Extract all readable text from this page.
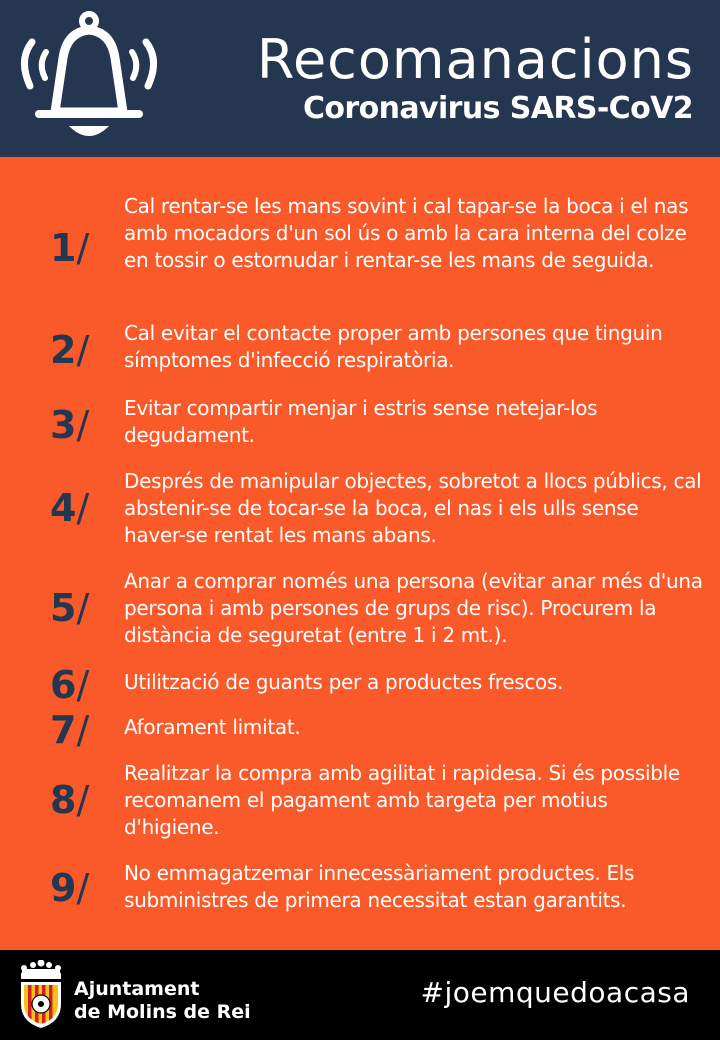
Recomanacions
Coronavirus SARS-CoV2
1/
Cal rentar-se les mans sovint i cal tapar-se la boca i el nas amb mocadors d'un sol ús o amb la cara interna del colze en tossir o estornudar i rentar-se les mans de seguida.
2/	Cal evitar el contacte proper amb persones que tinguin símptomes d'infecció respiratòria.
3/	Evitar compartir menjar i estris sense netejar-los degudament.
4/
Després de manipular objectes, sobretot a llocs públics, cal abstenir-se de tocar-se la boca, el nas i els ulls sense haver-se rentat les mans abans.
5/
Anar a comprar només una persona (evitar anar més d'una persona i amb persones de grups de risc). Procurem la distància de seguretat (entre 1 i 2 mt.).
6/	Utilització de guants per a productes frescos.
7/	Aforament limitat.
8/
Realitzar la compra amb agilitat i rapidesa. Si és possible recomanem el pagament amb targeta per motius d'higiene.
9/	No emmagatzemar innecessàriament productes. Els subministres de primera necessitat estan garantits.
Ajuntament
de Molins de Rei
#joemquedoacasa
